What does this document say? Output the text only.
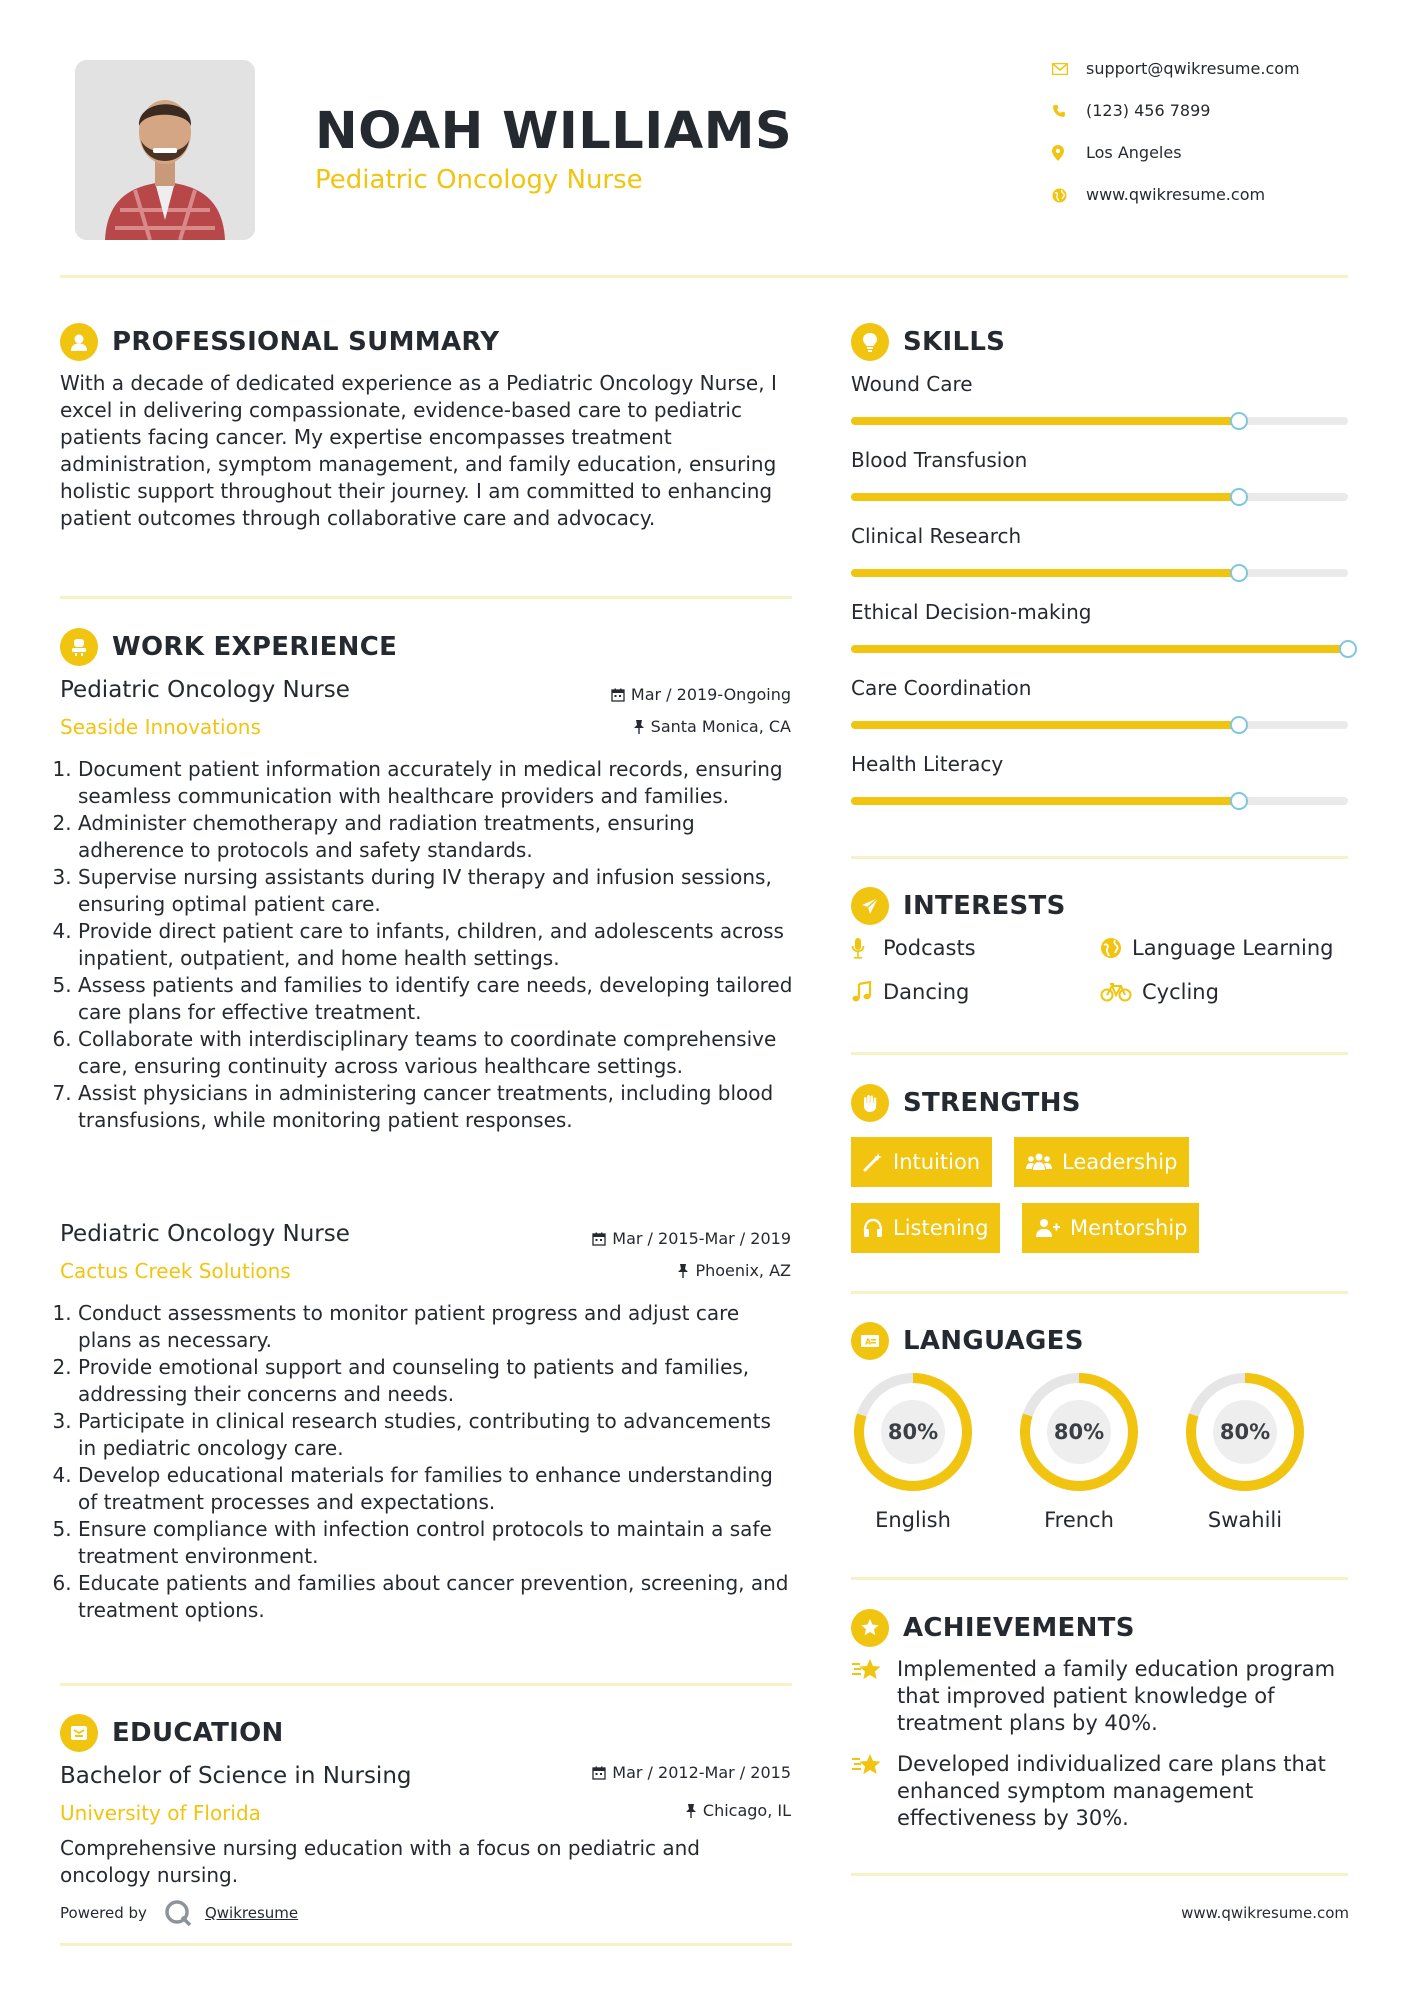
NOAH WILLIAMS
Pediatric Oncology Nurse
support@qwikresume.com
(123) 456 7899
Los Angeles
www.qwikresume.com
PROFESSIONAL SUMMARY
With a decade of dedicated experience as a Pediatric Oncology Nurse, I excel in delivering compassionate, evidence-based care to pediatric patients facing cancer. My expertise encompasses treatment administration, symptom management, and family education, ensuring holistic support throughout their journey. I am committed to enhancing patient outcomes through collaborative care and advocacy.
WORK EXPERIENCE
Pediatric Oncology Nurse	Mar / 2019-Ongoing
Seaside Innovations	Santa Monica, CA
1. Document patient information accurately in medical records, ensuring seamless communication with healthcare providers and families.
2. Administer chemotherapy and radiation treatments, ensuring adherence to protocols and safety standards.
3. Supervise nursing assistants during IV therapy and infusion sessions, ensuring optimal patient care.
4. Provide direct patient care to infants, children, and adolescents across inpatient, outpatient, and home health settings.
5. Assess patients and families to identify care needs, developing tailored care plans for effective treatment.
6. Collaborate with interdisciplinary teams to coordinate comprehensive care, ensuring continuity across various healthcare settings.
7. Assist physicians in administering cancer treatments, including blood transfusions, while monitoring patient responses.
Pediatric Oncology Nurse	Mar / 2015-Mar / 2019
Cactus Creek Solutions	Phoenix, AZ
1. Conduct assessments to monitor patient progress and adjust care plans as necessary.
2. Provide emotional support and counseling to patients and families, addressing their concerns and needs.
3. Participate in clinical research studies, contributing to advancements in pediatric oncology care.
4. Develop educational materials for families to enhance understanding of treatment processes and expectations.
5. Ensure compliance with infection control protocols to maintain a safe treatment environment.
6. Educate patients and families about cancer prevention, screening, and treatment options.
EDUCATION
Bachelor of Science in Nursing	Mar / 2012-Mar / 2015
University of Florida	Chicago, IL
Comprehensive nursing education with a focus on pediatric and oncology nursing.
SKILLS
Wound Care
Blood Transfusion
Clinical Research
Ethical Decision-making
Care Coordination
Health Literacy
INTERESTS
Podcasts	Language Learning
Dancing	Cycling
STRENGTHS
Intuition	Leadership
Listening	Mentorship
A LANGUAGES
80%
English
80%
French
80%
Swahili
ACHIEVEMENTS
Implemented a family education program that improved patient knowledge of treatment plans by 40%.
Developed individualized care plans that enhanced symptom management effectiveness by 30%.
Powered by	Qwikresume	www.qwikresume.com
